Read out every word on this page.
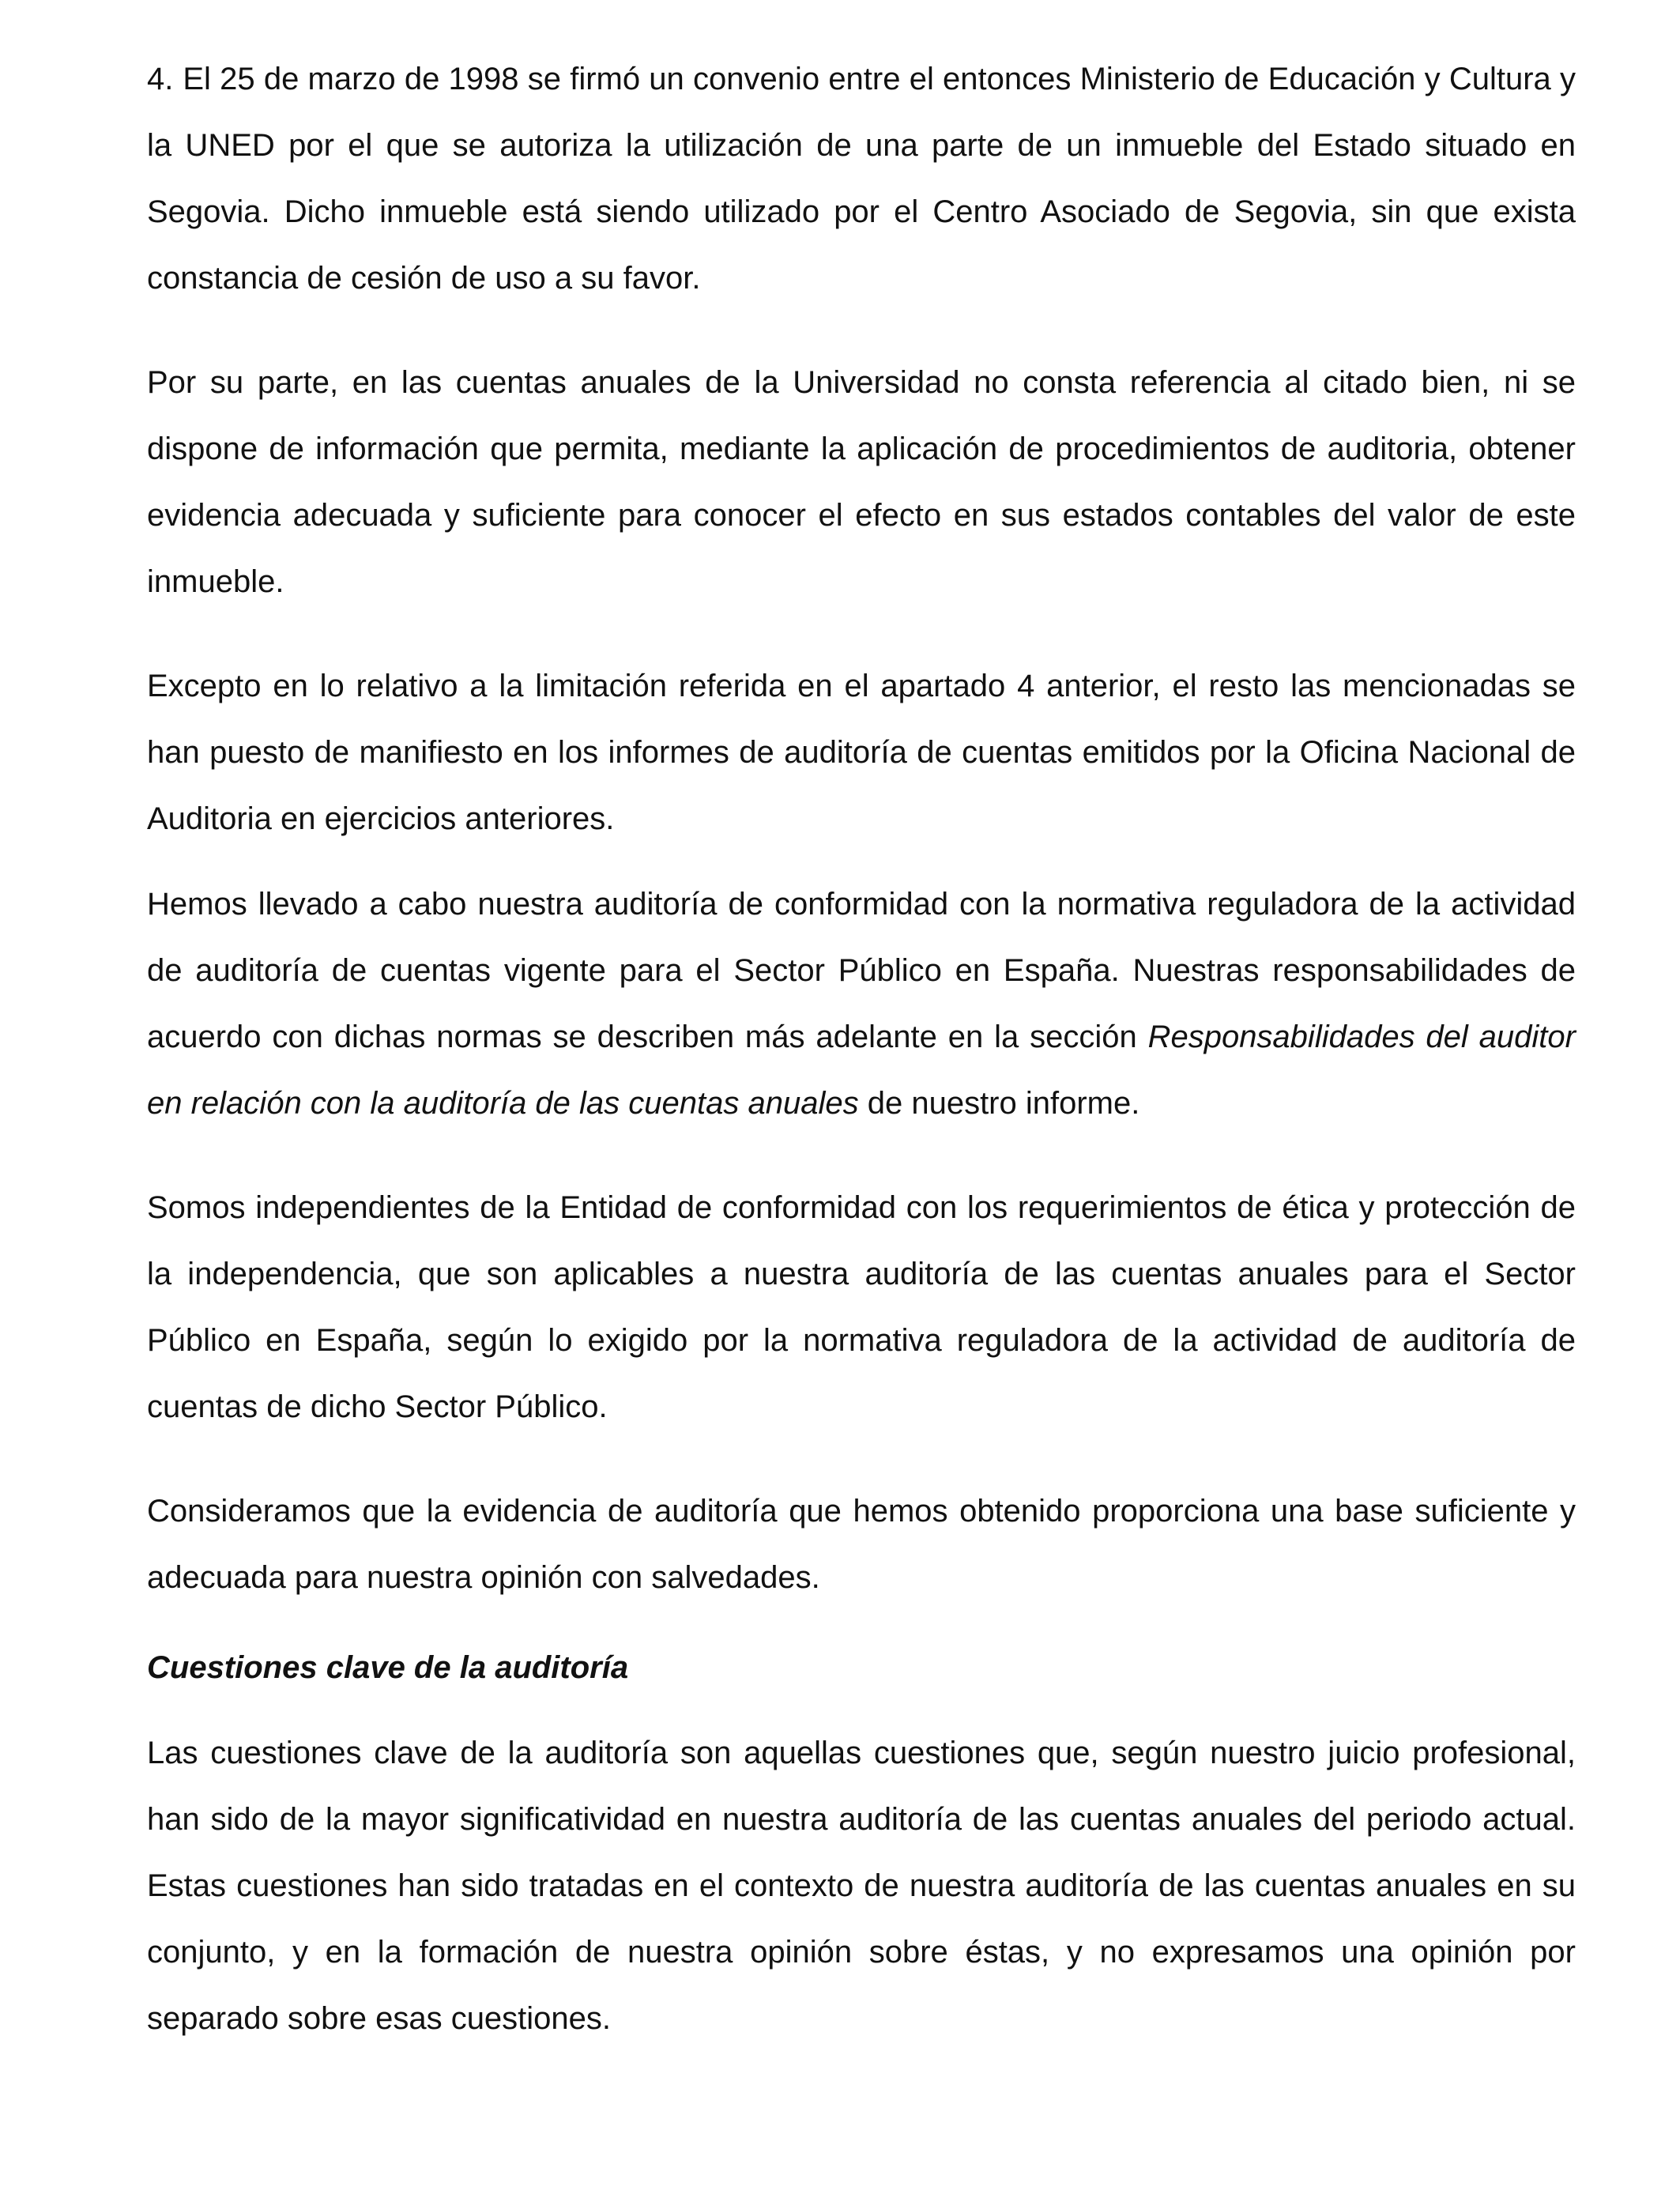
4. El 25 de marzo de 1998 se firmó un convenio entre el entonces Ministerio de Educación y Cultura y la UNED por el que se autoriza la utilización de una parte de un inmueble del Estado situado en Segovia. Dicho inmueble está siendo utilizado por el Centro Asociado de Segovia, sin que exista constancia de cesión de uso a su favor.

Por su parte, en las cuentas anuales de la Universidad no consta referencia al citado bien, ni se dispone de información que permita, mediante la aplicación de procedimientos de auditoria, obtener evidencia adecuada y suficiente para conocer el efecto en sus estados contables del valor de este inmueble.

Excepto en lo relativo a la limitación referida en el apartado 4 anterior, el resto las mencionadas se han puesto de manifiesto en los informes de auditoría de cuentas emitidos por la Oficina Nacional de Auditoria en ejercicios anteriores.

Hemos llevado a cabo nuestra auditoría de conformidad con la normativa reguladora de la actividad de auditoría de cuentas vigente para el Sector Público en España. Nuestras responsabilidades de acuerdo con dichas normas se describen más adelante en la sección Responsabilidades del auditor en relación con la auditoría de las cuentas anuales de nuestro informe.

Somos independientes de la Entidad de conformidad con los requerimientos de ética y protección de la independencia, que son aplicables a nuestra auditoría de las cuentas anuales para el Sector Público en España, según lo exigido por la normativa reguladora de la actividad de auditoría de cuentas de dicho Sector Público.

Consideramos que la evidencia de auditoría que hemos obtenido proporciona una base suficiente y adecuada para nuestra opinión con salvedades.

Cuestiones clave de la auditoría

Las cuestiones clave de la auditoría son aquellas cuestiones que, según nuestro juicio profesional, han sido de la mayor significatividad en nuestra auditoría de las cuentas anuales del periodo actual. Estas cuestiones han sido tratadas en el contexto de nuestra auditoría de las cuentas anuales en su conjunto, y en la formación de nuestra opinión sobre éstas, y no expresamos una opinión por separado sobre esas cuestiones.
